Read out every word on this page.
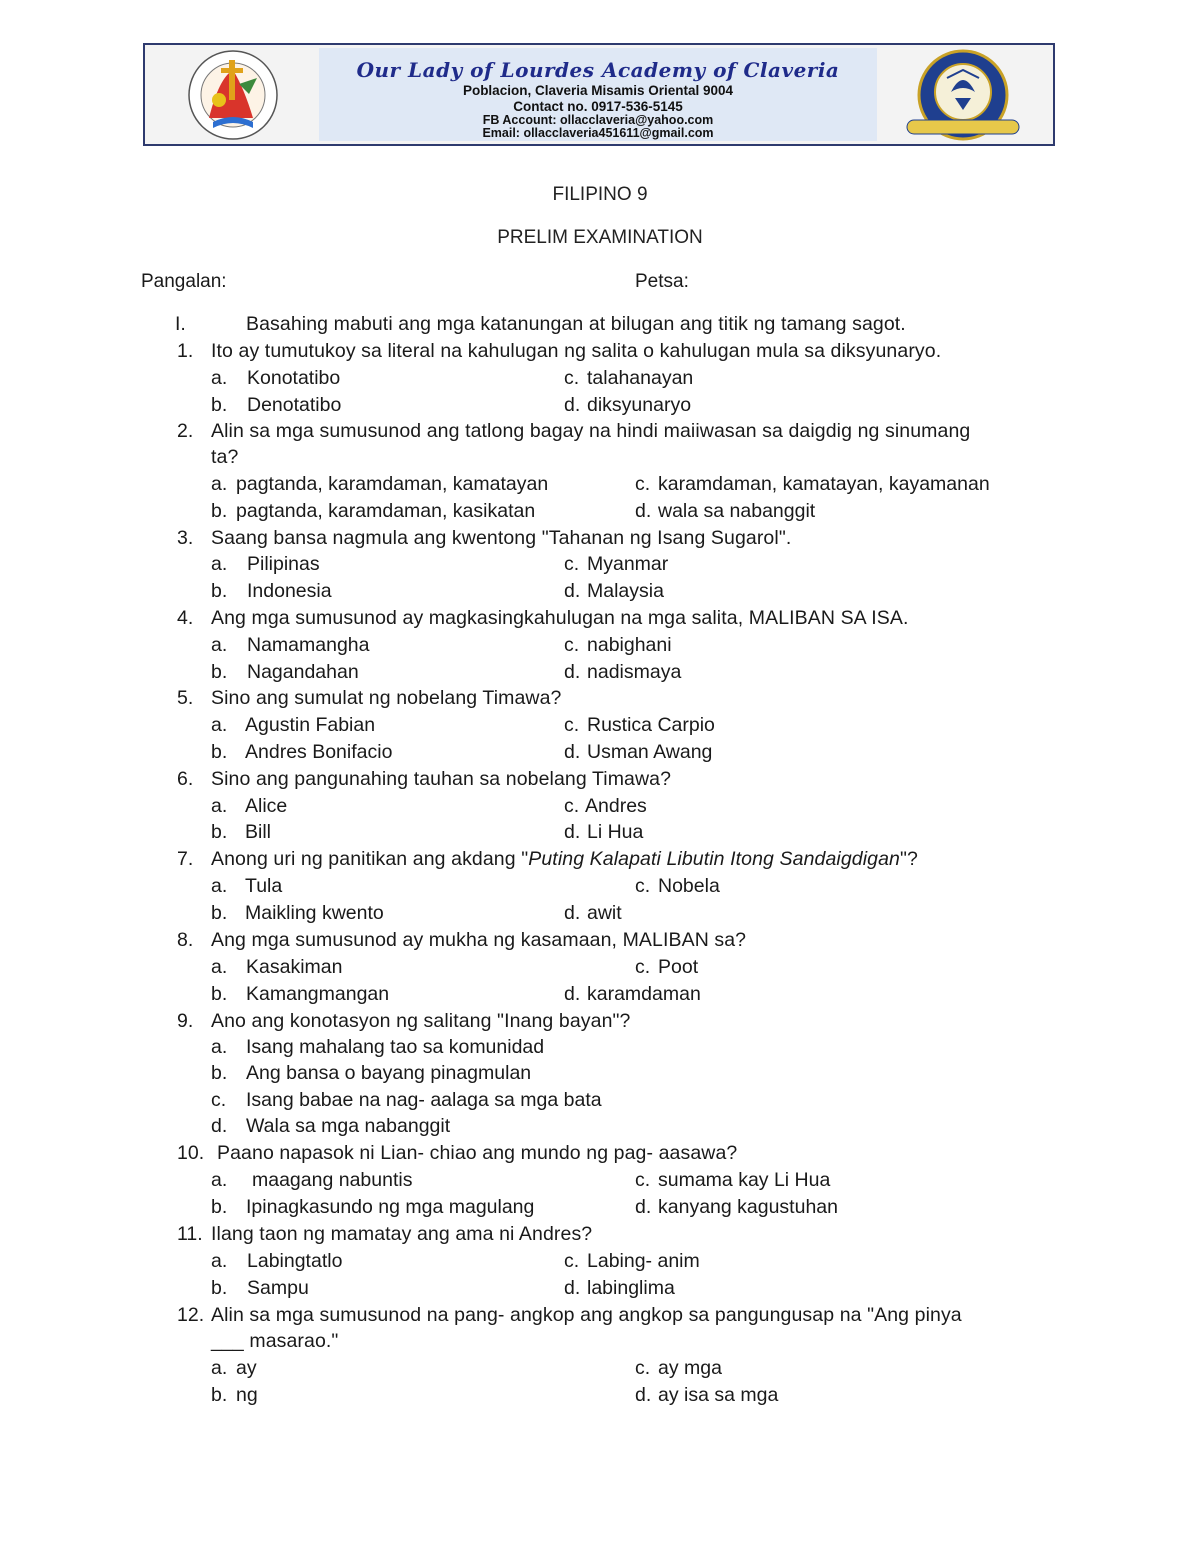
Our Lady of Lourdes Academy of Claveria
Poblacion, Claveria Misamis Oriental 9004
Contact no. 0917-536-5145
FB Account: ollacclaveria@yahoo.com
Email: ollacclaveria451611@gmail.com
FILIPINO 9
PRELIM EXAMINATION
Pangalan:	Petsa:
I.	Basahing mabuti ang mga katanungan at bilugan ang titik ng tamang sagot.
1. Ito ay tumutukoy sa literal na kahulugan ng salita o kahulugan mula sa diksyunaryo.
a. Konotatibo
b. Denotatibo
c. talahanayan
d. diksyunaryo
2. Alin sa mga sumusunod ang tatlong bagay na hindi maiiwasan sa daigdig ng sinumang
ta?
a. pagtanda, karamdaman, kamatayan
b. pagtanda, karamdaman, kasikatan
c. karamdaman, kamatayan, kayamanan
d. wala sa nabanggit
3. Saang bansa nagmula ang kwentong "Tahanan ng Isang Sugarol".
a. Pilipinas
b. Indonesia
c. Myanmar
d. Malaysia
4. Ang mga sumusunod ay magkasingkahulugan na mga salita, MALIBAN SA ISA.
a. Namamangha
b. Nagandahan
c. nabighani
d. nadismaya
5. Sino ang sumulat ng nobelang Timawa?
a. Agustin Fabian
b. Andres Bonifacio
c. Rustica Carpio
d. Usman Awang
6. Sino ang pangunahing tauhan sa nobelang Timawa?
a. Alice
b. Bill
c. Andres
d. Li Hua
7. Anong uri ng panitikan ang akdang "Puting Kalapati Libutin Itong Sandaigdigan"?
a. Tula
b. Maikling kwento
c. Nobela
d. awit
8. Ang mga sumusunod ay mukha ng kasamaan, MALIBAN sa?
a. Kasakiman
b. Kamangmangan
c. Poot
d. karamdaman
9. Ano ang konotasyon ng salitang "Inang bayan"?
a. Isang mahalang tao sa komunidad
b. Ang bansa o bayang pinagmulan
c. Isang babae na nag- aalaga sa mga bata
d. Wala sa mga nabanggit
10. Paano napasok ni Lian- chiao ang mundo ng pag- aasawa?
a. maagang nabuntis
b. Ipinagkasundo ng mga magulang
c. sumama kay Li Hua
d. kanyang kagustuhan
11. Ilang taon ng mamatay ang ama ni Andres?
a. Labingtatlo
b. Sampu
c. Labing- anim
d. labinglima
12. Alin sa mga sumusunod na pang- angkop ang angkop sa pangungusap na "Ang pinya
___ masarao."
a. ay
b. ng
c. ay mga
d. ay isa sa mga
